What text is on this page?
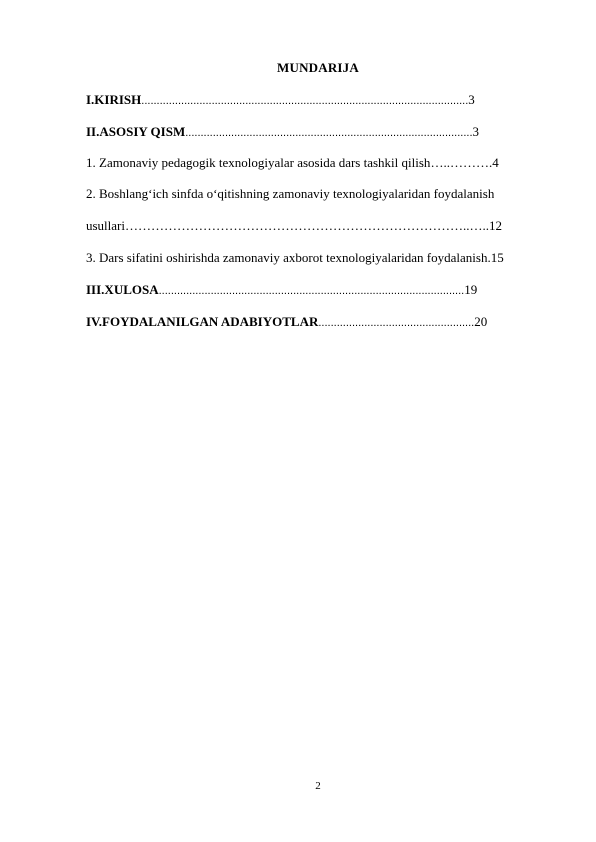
MUNDARIJA
I.KIRISH...........................................................................................................3
II.ASOSIY QISM..............................................................................................3
1. Zamonaviy pedagogik texnologiyalar asosida dars tashkil qilish…..……….4
2. Boshlang‘ich sinfda o‘qitishning zamonaviy texnologiyalaridan foydalanish
usullari……………………………………………………………………..…..12
3. Dars sifatini oshirishda zamonaviy axborot texnologiyalaridan foydalanish.15
III.XULOSA....................................................................................................19
IV.FOYDALANILGAN ADABIYOTLAR...................................................20
2
